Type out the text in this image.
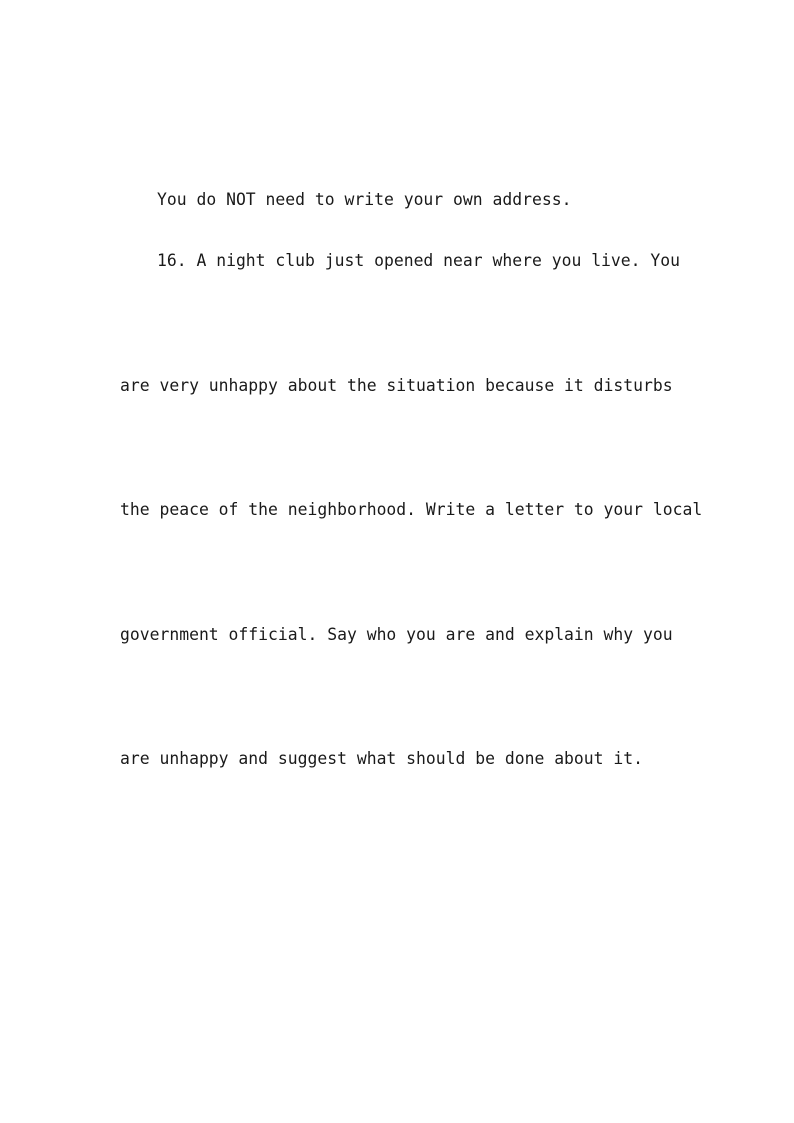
You do NOT need to write your own address.

16. A night club just opened near where you live. You

are very unhappy about the situation because it disturbs

the peace of the neighborhood. Write a letter to your local

government official. Say who you are and explain why you

are unhappy and suggest what should be done about it.
